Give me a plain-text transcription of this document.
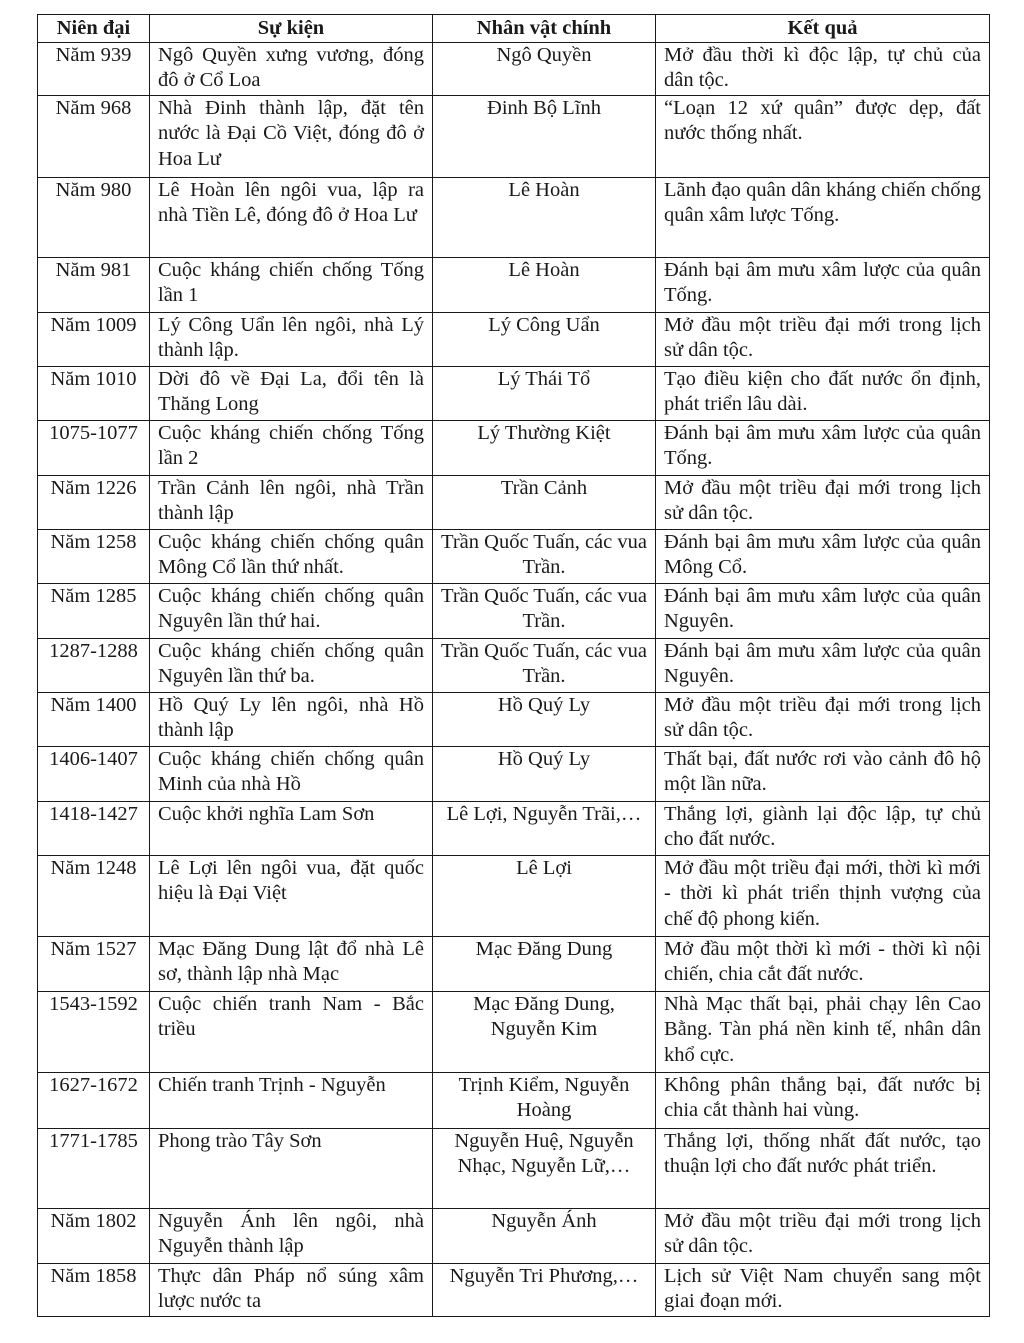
Niên đại	Sự kiện	Nhân vật chính	Kết quả
Năm 939	Ngô Quyền xưng vương, đóng đô ở Cổ Loa	Ngô Quyền	Mở đầu thời kì độc lập, tự chủ của dân tộc.
Năm 968	Nhà Đinh thành lập, đặt tên nước là Đại Cồ Việt, đóng đô ở Hoa Lư	Đinh Bộ Lĩnh	“Loạn 12 xứ quân” được dẹp, đất nước thống nhất.
Năm 980	Lê Hoàn lên ngôi vua, lập ra nhà Tiền Lê, đóng đô ở Hoa Lư	Lê Hoàn	Lãnh đạo quân dân kháng chiến chống quân xâm lược Tống.
Năm 981	Cuộc kháng chiến chống Tống lần 1	Lê Hoàn	Đánh bại âm mưu xâm lược của quân Tống.
Năm 1009	Lý Công Uẩn lên ngôi, nhà Lý thành lập.	Lý Công Uẩn	Mở đầu một triều đại mới trong lịch sử dân tộc.
Năm 1010	Dời đô về Đại La, đổi tên là Thăng Long	Lý Thái Tổ	Tạo điều kiện cho đất nước ổn định, phát triển lâu dài.
1075-1077	Cuộc kháng chiến chống Tống lần 2	Lý Thường Kiệt	Đánh bại âm mưu xâm lược của quân Tống.
Năm 1226	Trần Cảnh lên ngôi, nhà Trần thành lập	Trần Cảnh	Mở đầu một triều đại mới trong lịch sử dân tộc.
Năm 1258	Cuộc kháng chiến chống quân Mông Cổ lần thứ nhất.	Trần Quốc Tuấn, các vua Trần.	Đánh bại âm mưu xâm lược của quân Mông Cổ.
Năm 1285	Cuộc kháng chiến chống quân Nguyên lần thứ hai.	Trần Quốc Tuấn, các vua Trần.	Đánh bại âm mưu xâm lược của quân Nguyên.
1287-1288	Cuộc kháng chiến chống quân Nguyên lần thứ ba.	Trần Quốc Tuấn, các vua Trần.	Đánh bại âm mưu xâm lược của quân Nguyên.
Năm 1400	Hồ Quý Ly lên ngôi, nhà Hồ thành lập	Hồ Quý Ly	Mở đầu một triều đại mới trong lịch sử dân tộc.
1406-1407	Cuộc kháng chiến chống quân Minh của nhà Hồ	Hồ Quý Ly	Thất bại, đất nước rơi vào cảnh đô hộ một lần nữa.
1418-1427	Cuộc khởi nghĩa Lam Sơn	Lê Lợi, Nguyễn Trãi,…	Thắng lợi, giành lại độc lập, tự chủ cho đất nước.
Năm 1248	Lê Lợi lên ngôi vua, đặt quốc hiệu là Đại Việt	Lê Lợi	Mở đầu một triều đại mới, thời kì mới - thời kì phát triển thịnh vượng của chế độ phong kiến.
Năm 1527	Mạc Đăng Dung lật đổ nhà Lê sơ, thành lập nhà Mạc	Mạc Đăng Dung	Mở đầu một thời kì mới - thời kì nội chiến, chia cắt đất nước.
1543-1592	Cuộc chiến tranh Nam - Bắc triều	Mạc Đăng Dung, Nguyễn Kim	Nhà Mạc thất bại, phải chạy lên Cao Bằng. Tàn phá nền kinh tế, nhân dân khổ cực.
1627-1672	Chiến tranh Trịnh - Nguyễn	Trịnh Kiểm, Nguyễn Hoàng	Không phân thắng bại, đất nước bị chia cắt thành hai vùng.
1771-1785	Phong trào Tây Sơn	Nguyễn Huệ, Nguyễn Nhạc, Nguyễn Lữ,…	Thắng lợi, thống nhất đất nước, tạo thuận lợi cho đất nước phát triển.
Năm 1802	Nguyễn Ánh lên ngôi, nhà Nguyễn thành lập	Nguyễn Ánh	Mở đầu một triều đại mới trong lịch sử dân tộc.
Năm 1858	Thực dân Pháp nổ súng xâm lược nước ta	Nguyễn Tri Phương,…	Lịch sử Việt Nam chuyển sang một giai đoạn mới.
